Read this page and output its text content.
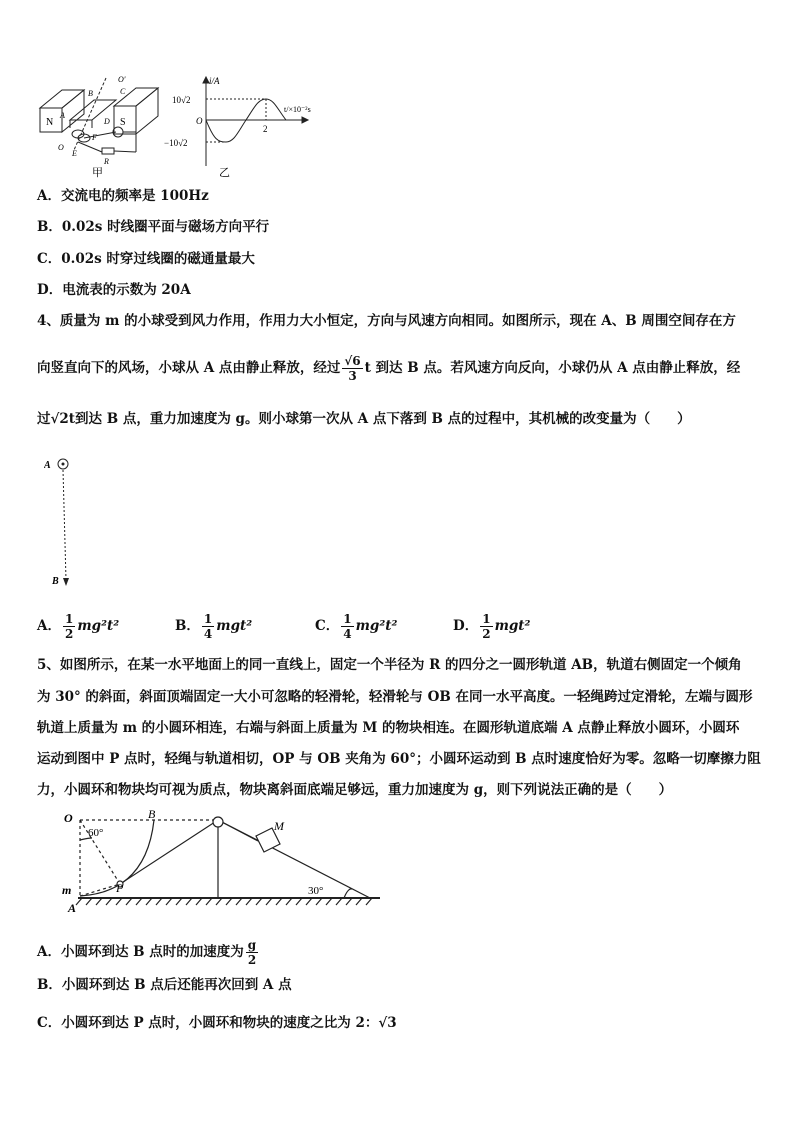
N	S
O'
C
A
B
D
O
E
F
R
甲
i/A
t/×10⁻²s
10√2
−10√2
O
2
乙
A．交流电的频率是 100Hz
B．0.02s 时线圈平面与磁场方向平行
C．0.02s 时穿过线圈的磁通量最大
D．电流表的示数为 20A
4、质量为 m 的小球受到风力作用，作用力大小恒定，方向与风速方向相同。如图所示，现在 A、B 周围空间存在方
向竖直向下的风场，小球从 A 点由静止释放，经过 $\frac{√6}{3}$ t 到达 B 点。若风速方向反向，小球仍从 A 点由静止释放，经
过√2t到达 B 点，重力加速度为 g。则小球第一次从 A 点下落到 B 点的过程中，其机械的改变量为（　　）
A
B
A． $\frac{1}{2} mg^2t^2$	B． $\frac{1}{4} mgt^2$	C． $\frac{1}{4} mg^2t^2$	D． $\frac{1}{2} mgt^2$
5、如图所示，在某一水平地面上的同一直线上，固定一个半径为 R 的四分之一圆形轨道 AB，轨道右侧固定一个倾角
为 30° 的斜面，斜面顶端固定一大小可忽略的轻滑轮，轻滑轮与 OB 在同一水平高度。一轻绳跨过定滑轮，左端与圆形
轨道上质量为 m 的小圆环相连，右端与斜面上质量为 M 的物块相连。在圆形轨道底端 A 点静止释放小圆环，小圆环
运动到图中 P 点时，轻绳与轨道相切，OP 与 OB 夹角为 60°；小圆环运动到 B 点时速度恰好为零。忽略一切摩擦力阻
力，小圆环和物块均可视为质点，物块离斜面底端足够远，重力加速度为 g，则下列说法正确的是（　　）
O
60°
B
M
m	P
A
30°
A．小圆环到达 B 点时的加速度为 $\frac{g}{2}$
B．小圆环到达 B 点后还能再次回到 A 点
C．小圆环到达 P 点时，小圆环和物块的速度之比为 2：√3
